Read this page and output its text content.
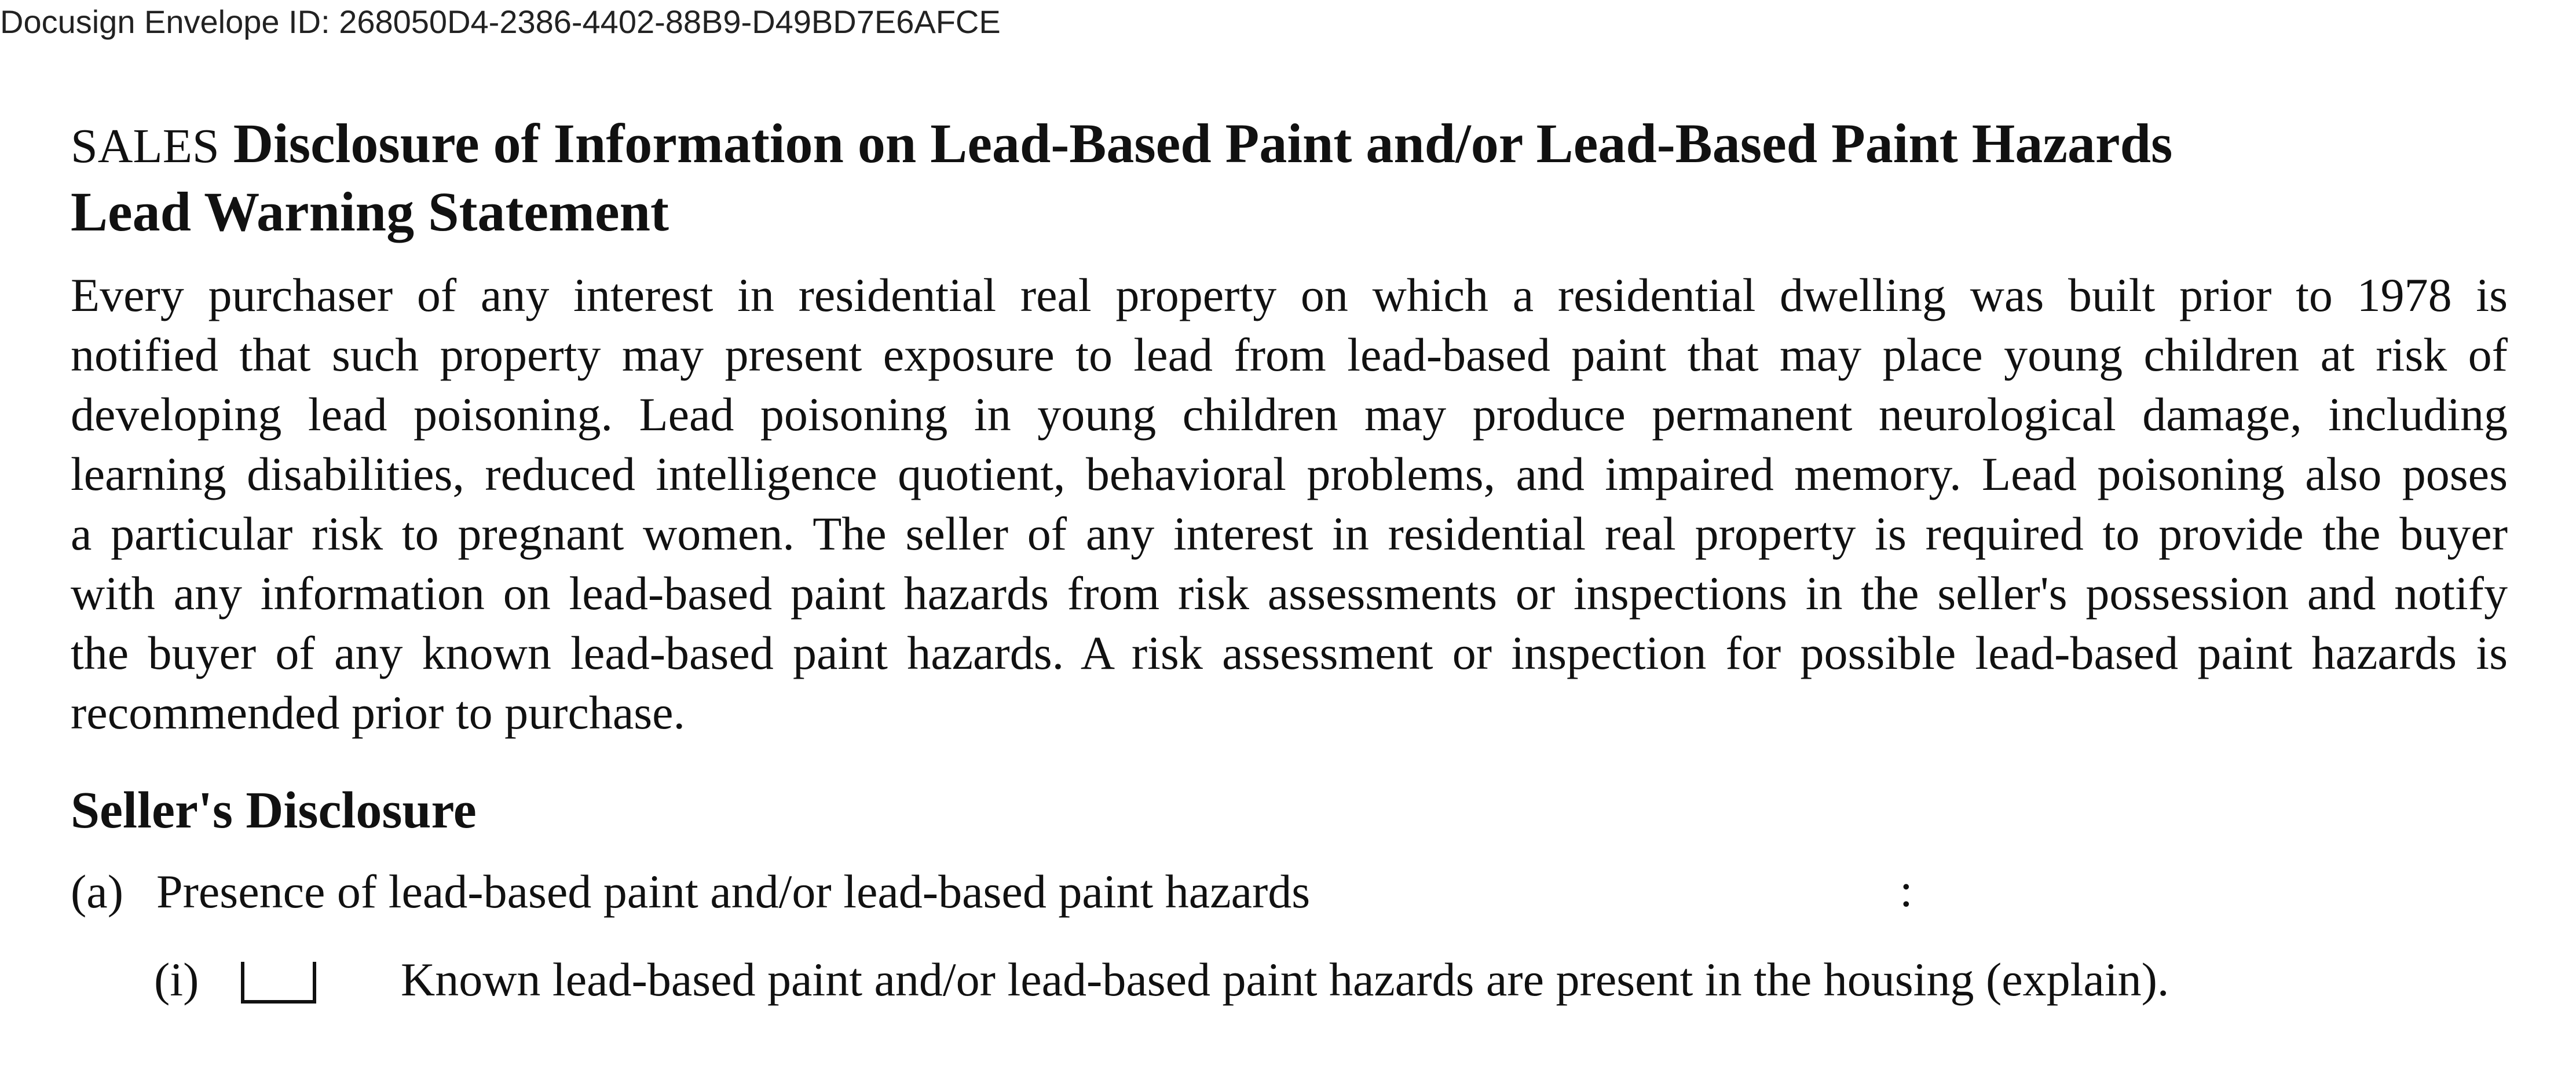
Docusign Envelope ID: 268050D4-2386-4402-88B9-D49BD7E6AFCE
SALES Disclosure of Information on Lead-Based Paint and/or Lead-Based Paint Hazards
Lead Warning Statement
Every purchaser of any interest in residential real property on which a residential dwelling was built prior to 1978 is
notified that such property may present exposure to lead from lead-based paint that may place young children at risk of
developing lead poisoning. Lead poisoning in young children may produce permanent neurological damage, including
learning disabilities, reduced intelligence quotient, behavioral problems, and impaired memory. Lead poisoning also poses
a particular risk to pregnant women. The seller of any interest in residential real property is required to provide the buyer
with any information on lead-based paint hazards from risk assessments or inspections in the seller's possession and notify
the buyer of any known lead-based paint hazards. A risk assessment or inspection for possible lead-based paint hazards is
recommended prior to purchase.
Seller's Disclosure
(a) Presence of lead-based paint and/or lead-based paint hazards	:
(i)	Known lead-based paint and/or lead-based paint hazards are present in the housing (explain).
